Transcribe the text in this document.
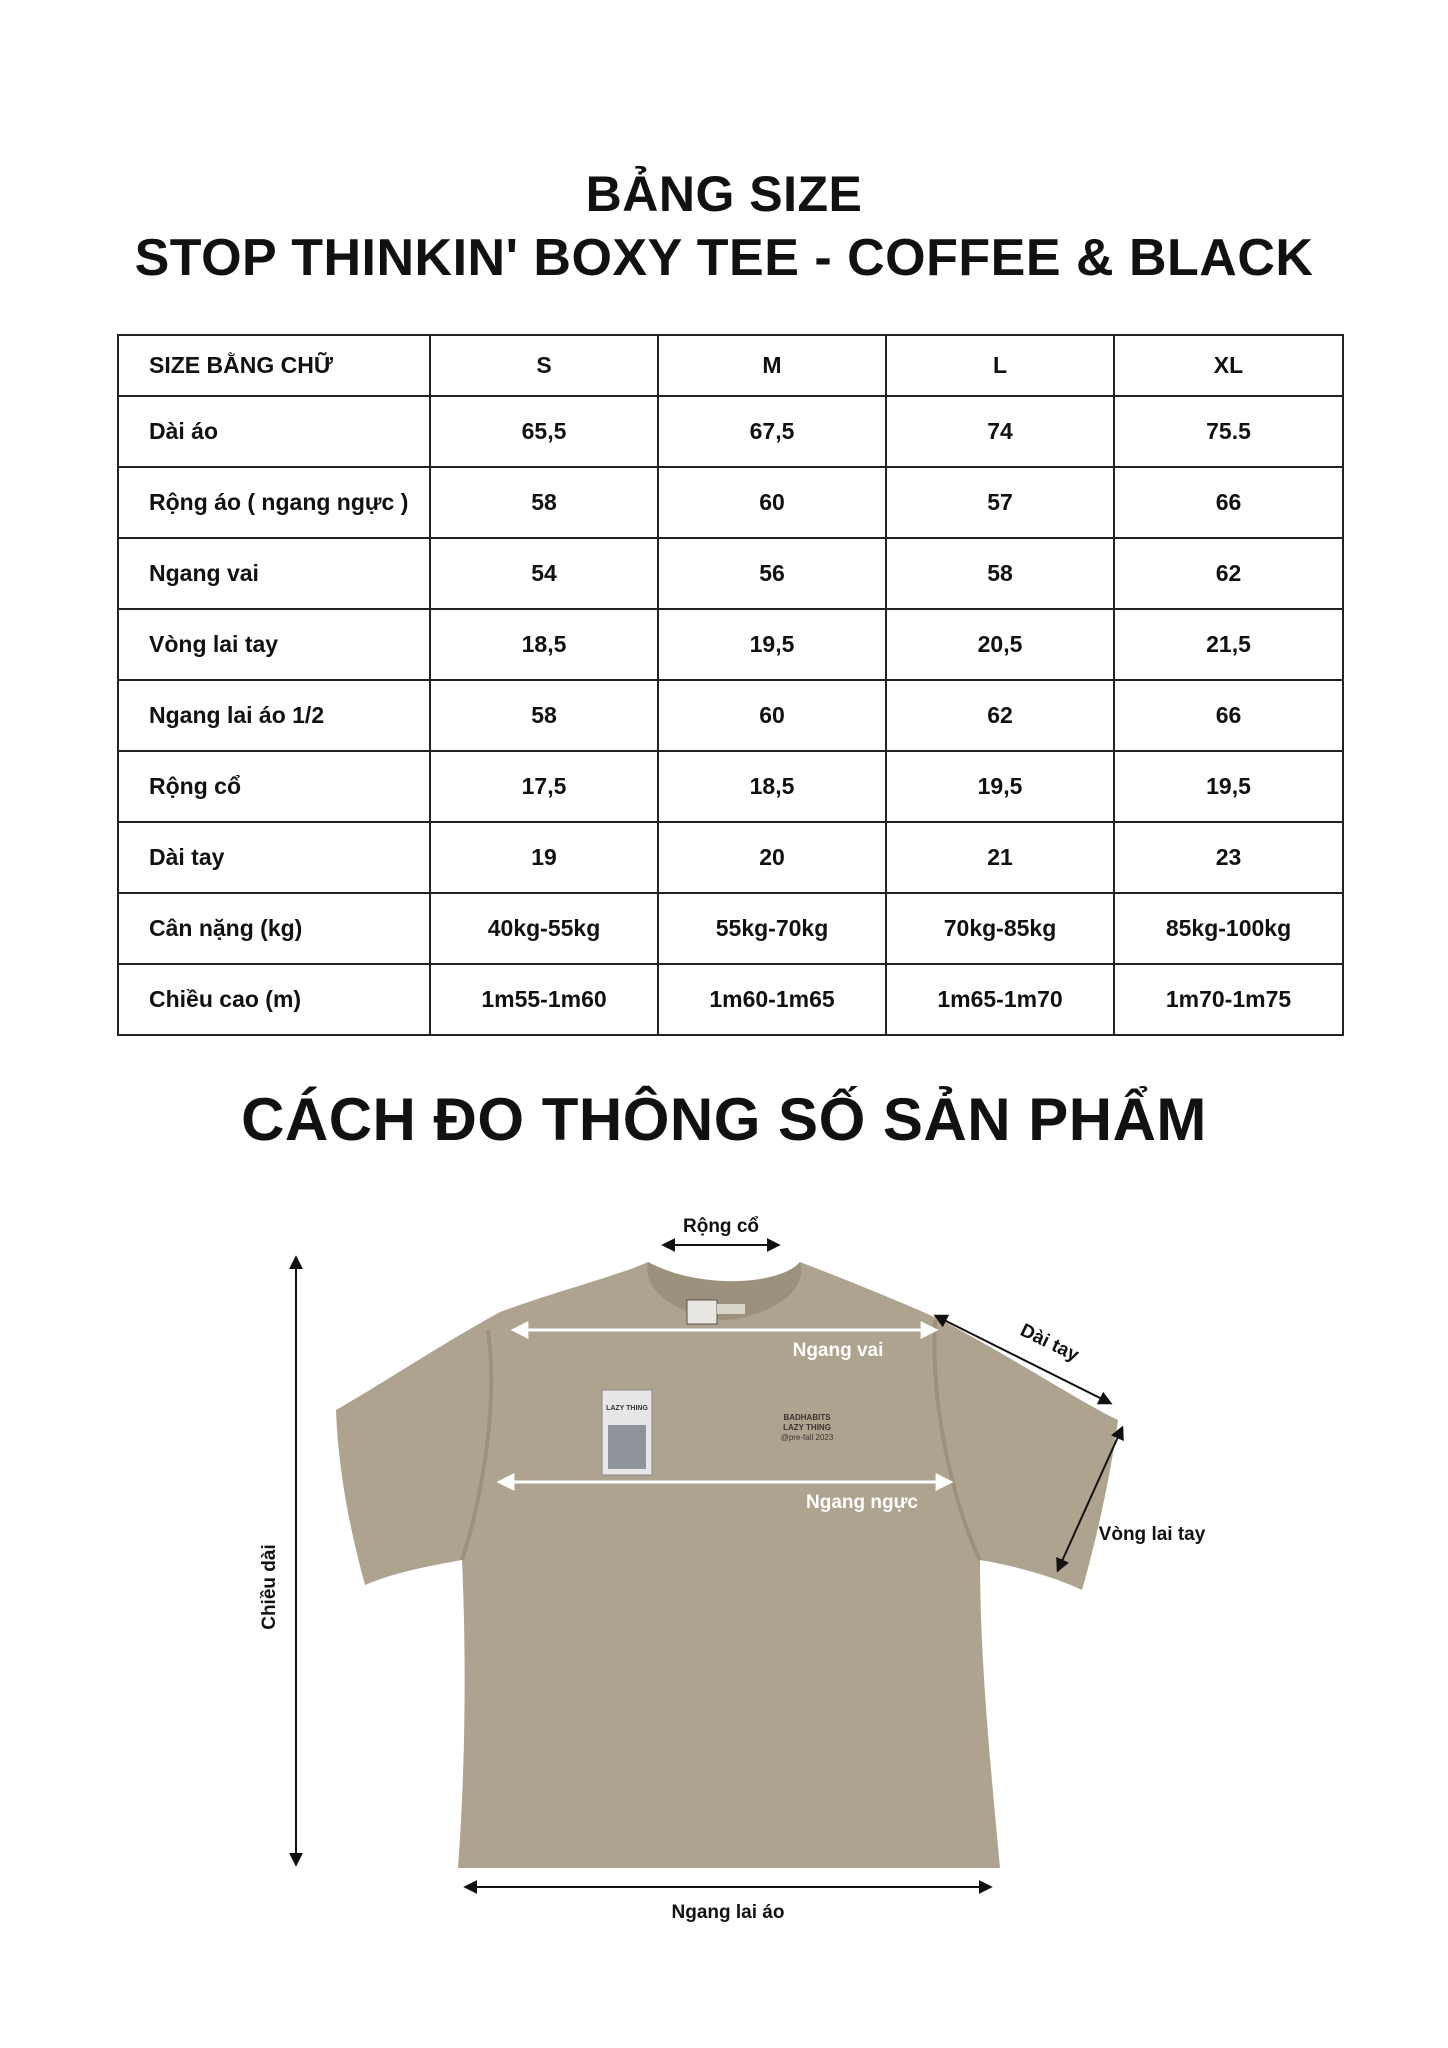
BẢNG SIZE
STOP THINKIN' BOXY TEE - COFFEE & BLACK
SIZE BẰNG CHỮ	S	M	L	XL
Dài áo	65,5	67,5	74	75.5
Rộng áo ( ngang ngực )	58	60	57	66
Ngang vai	54	56	58	62
Vòng lai tay	18,5	19,5	20,5	21,5
Ngang lai áo 1/2	58	60	62	66
Rộng cổ	17,5	18,5	19,5	19,5
Dài tay	19	20	21	23
Cân nặng (kg)	40kg-55kg	55kg-70kg	70kg-85kg	85kg-100kg
Chiều cao (m)	1m55-1m60	1m60-1m65	1m65-1m70	1m70-1m75
CÁCH ĐO THÔNG SỐ SẢN PHẨM
LAZY THING
BADHABITS
LAZY THING
@pre-fall 2023
Rộng cổ
Ngang vai	Dài tay
Ngang ngực
Vòng lai tay
Chiều dài
Ngang lai áo
